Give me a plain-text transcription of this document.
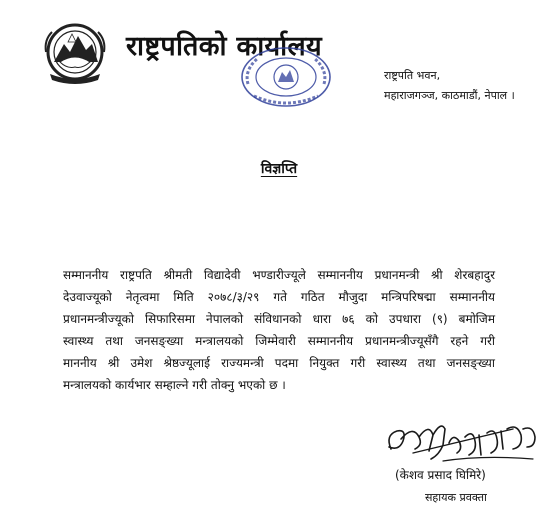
राष्ट्रपतिको कार्यालय
राष्ट्रपति भवन,
महाराजगञ्ज, काठमाडौं, नेपाल ।
विज्ञप्ति
सम्माननीय राष्ट्रपति श्रीमती विद्यादेवी भण्डारीज्यूले सम्माननीय प्रधानमन्त्री श्री शेरबहादुर
देउवाज्यूको नेतृत्वमा मिति २०७८/३/२९ गते गठित मौजुदा मन्त्रिपरिषद्मा सम्माननीय
प्रधानमन्त्रीज्यूको सिफारिसमा नेपालको संविधानको धारा ७६ को उपधारा (९) बमोजिम
स्वास्थ्य तथा जनसङ्ख्या मन्त्रालयको जिम्मेवारी सम्माननीय प्रधानमन्त्रीज्यूसँगै रहने गरी
माननीय श्री उमेश श्रेष्ठज्यूलाई राज्यमन्त्री पदमा नियुक्त गरी स्वास्थ्य तथा जनसङ्ख्या
मन्त्रालयको कार्यभार सम्हाल्ने गरी तोक्नु भएको छ ।
(केशव प्रसाद घिमिरे)
सहायक प्रवक्ता
